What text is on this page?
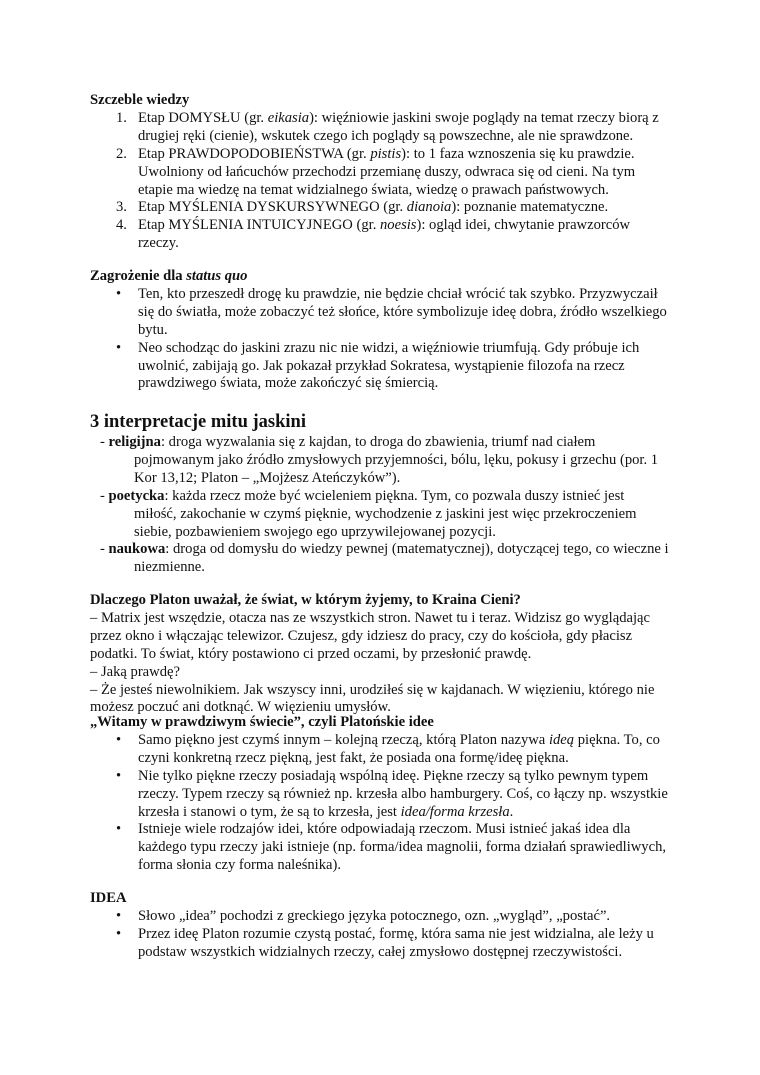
Szczeble wiedzy
1. Etap DOMYSŁU (gr. eikasia): więźniowie jaskini swoje poglądy na temat rzeczy biorą z drugiej ręki (cienie), wskutek czego ich poglądy są powszechne, ale nie sprawdzone.
2. Etap PRAWDOPODOBIEŃSTWA (gr. pistis): to 1 faza wznoszenia się ku prawdzie. Uwolniony od łańcuchów przechodzi przemianę duszy, odwraca się od cieni. Na tym etapie ma wiedzę na temat widzialnego świata, wiedzę o prawach państwowych.
3. Etap MYŚLENIA DYSKURSYWNEGO (gr. dianoia): poznanie matematyczne.
4. Etap MYŚLENIA INTUICYJNEGO (gr. noesis): ogląd idei, chwytanie prawzorców rzeczy.
Zagrożenie dla status quo
• Ten, kto przeszedł drogę ku prawdzie, nie będzie chciał wrócić tak szybko. Przyzwyczaił się do światła, może zobaczyć też słońce, które symbolizuje ideę dobra, źródło wszelkiego bytu.
• Neo schodząc do jaskini zrazu nic nie widzi, a więźniowie triumfują. Gdy próbuje ich uwolnić, zabijają go. Jak pokazał przykład Sokratesa, wystąpienie filozofa na rzecz prawdziwego świata, może zakończyć się śmiercią.
3 interpretacje mitu jaskini
- religijna: droga wyzwalania się z kajdan, to droga do zbawienia, triumf nad ciałem pojmowanym jako źródło zmysłowych przyjemności, bólu, lęku, pokusy i grzechu (por. 1 Kor 13,12; Platon – „Mojżesz Ateńczyków”).
- poetycka: każda rzecz może być wcieleniem piękna. Tym, co pozwala duszy istnieć jest miłość, zakochanie w czymś pięknie, wychodzenie z jaskini jest więc przekroczeniem siebie, pozbawieniem swojego ego uprzywilejowanej pozycji.
- naukowa: droga od domysłu do wiedzy pewnej (matematycznej), dotyczącej tego, co wieczne i niezmienne.
Dlaczego Platon uważał, że świat, w którym żyjemy, to Kraina Cieni?
– Matrix jest wszędzie, otacza nas ze wszystkich stron. Nawet tu i teraz. Widzisz go wyglądając przez okno i włączając telewizor. Czujesz, gdy idziesz do pracy, czy do kościoła, gdy płacisz podatki. To świat, który postawiono ci przed oczami, by przesłonić prawdę.
– Jaką prawdę?
– Że jesteś niewolnikiem. Jak wszyscy inni, urodziłeś się w kajdanach. W więzieniu, którego nie możesz poczuć ani dotknąć. W więzieniu umysłów.
„Witamy w prawdziwym świecie”, czyli Platońskie idee
• Samo piękno jest czymś innym – kolejną rzeczą, którą Platon nazywa ideą piękna. To, co czyni konkretną rzecz piękną, jest fakt, że posiada ona formę/ideę piękna.
• Nie tylko piękne rzeczy posiadają wspólną ideę. Piękne rzeczy są tylko pewnym typem rzeczy. Typem rzeczy są również np. krzesła albo hamburgery. Coś, co łączy np. wszystkie krzesła i stanowi o tym, że są to krzesła, jest idea/forma krzesła.
• Istnieje wiele rodzajów idei, które odpowiadają rzeczom. Musi istnieć jakaś idea dla każdego typu rzeczy jaki istnieje (np. forma/idea magnolii, forma działań sprawiedliwych, forma słonia czy forma naleśnika).
IDEA
• Słowo „idea” pochodzi z greckiego języka potocznego, ozn. „wygląd”, „postać”.
• Przez ideę Platon rozumie czystą postać, formę, która sama nie jest widzialna, ale leży u podstaw wszystkich widzialnych rzeczy, całej zmysłowo dostępnej rzeczywistości.
